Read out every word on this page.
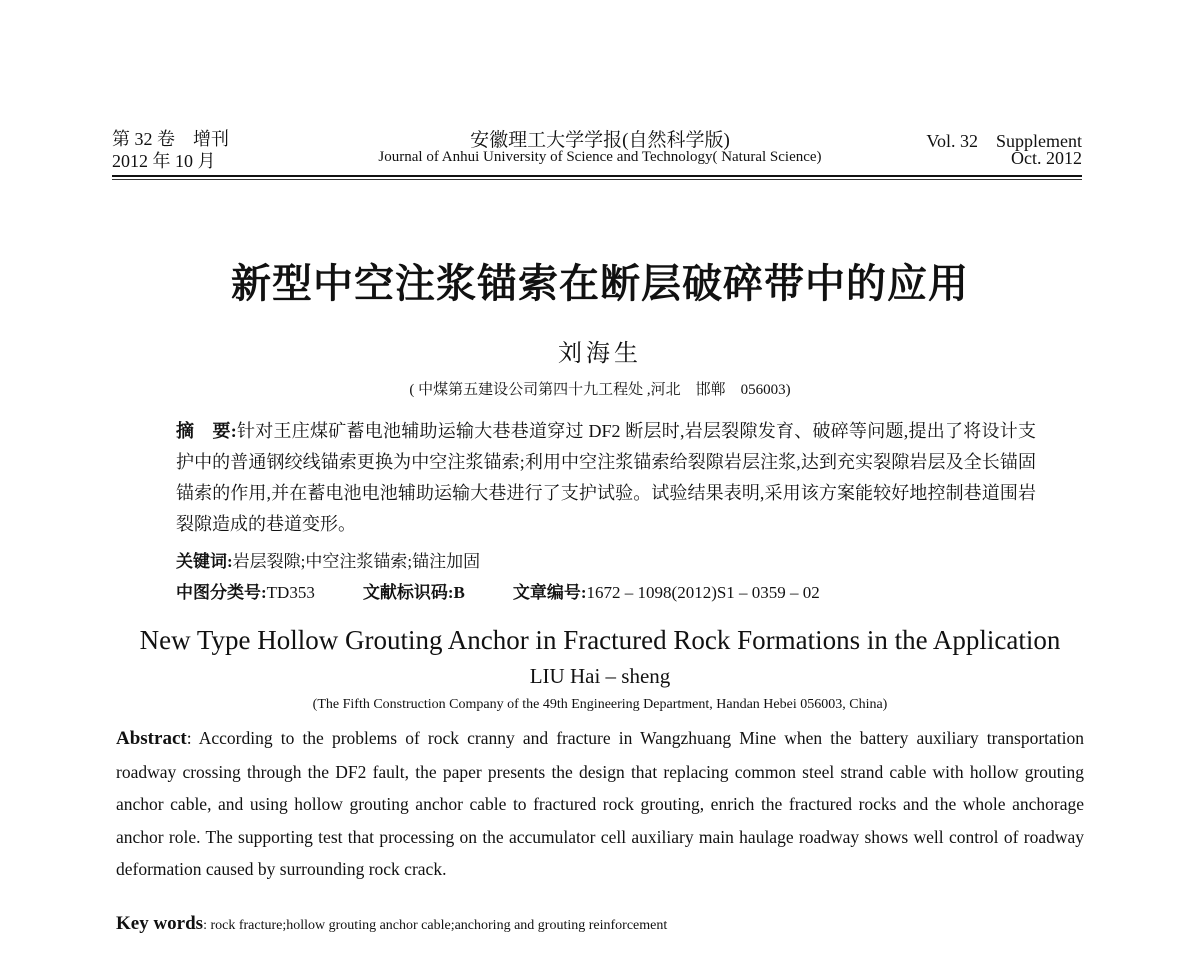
第 32 卷　增刊
2012 年 10 月
安徽理工大学学报(自然科学版)
Journal of Anhui University of Science and Technology( Natural Science)
Vol. 32　Supplement
Oct. 2012
新型中空注浆锚索在断层破碎带中的应用
刘海生
( 中煤第五建设公司第四十九工程处 ,河北　邯郸　056003)
摘　要:针对王庄煤矿蓄电池辅助运输大巷巷道穿过 DF2 断层时,岩层裂隙发育、破碎等问题,提出了将设计支护中的普通钢绞线锚索更换为中空注浆锚索;利用中空注浆锚索给裂隙岩层注浆,达到充实裂隙岩层及全长锚固锚索的作用,并在蓄电池电池辅助运输大巷进行了支护试验。试验结果表明,采用该方案能较好地控制巷道围岩裂隙造成的巷道变形。
关键词:岩层裂隙;中空注浆锚索;锚注加固
中图分类号:TD353	文献标识码:B	文章编号:1672 – 1098(2012)S1 – 0359 – 02
New Type Hollow Grouting Anchor in Fractured Rock Formations in the Application
LIU Hai – sheng
(The Fifth Construction Company of the 49th Engineering Department, Handan Hebei 056003, China)
Abstract: According to the problems of rock cranny and fracture in Wangzhuang Mine when the battery auxiliary transportation roadway crossing through the DF2 fault, the paper presents the design that replacing common steel strand cable with hollow grouting anchor cable, and using hollow grouting anchor cable to fractured rock grouting, enrich the fractured rocks and the whole anchorage anchor role. The supporting test that processing on the accumulator cell auxiliary main haulage roadway shows well control of roadway deformation caused by surrounding rock crack.
Key words: rock fracture;hollow grouting anchor cable;anchoring and grouting reinforcement
